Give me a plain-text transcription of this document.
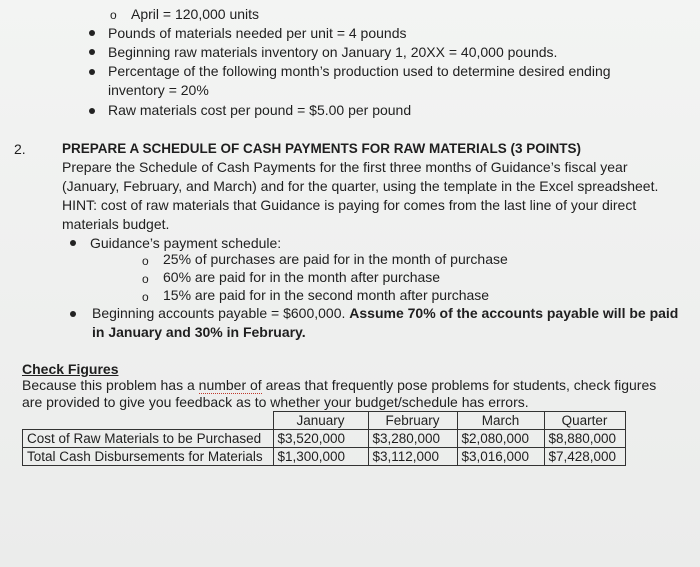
o April = 120,000 units
Pounds of materials needed per unit = 4 pounds
Beginning raw materials inventory on January 1, 20XX = 40,000 pounds.
Percentage of the following month’s production used to determine desired ending
inventory = 20%
Raw materials cost per pound = $5.00 per pound
2.	PREPARE A SCHEDULE OF CASH PAYMENTS FOR RAW MATERIALS (3 POINTS)
Prepare the Schedule of Cash Payments for the first three months of Guidance’s fiscal year
(January, February, and March) and for the quarter, using the template in the Excel spreadsheet.
HINT: cost of raw materials that Guidance is paying for comes from the last line of your direct
materials budget.
Guidance’s payment schedule:
o 25% of purchases are paid for in the month of purchase
o 60% are paid for in the month after purchase
o 15% are paid for in the second month after purchase
Beginning accounts payable = $600,000. Assume 70% of the accounts payable will be paid
in January and 30% in February.
Check Figures
Because this problem has a number of areas that frequently pose problems for students, check figures
are provided to give you feedback as to whether your budget/schedule has errors.
	January	February	March	Quarter
Cost of Raw Materials to be Purchased	$3,520,000	$3,280,000	$2,080,000	$8,880,000
Total Cash Disbursements for Materials	$1,300,000	$3,112,000	$3,016,000	$7,428,000
